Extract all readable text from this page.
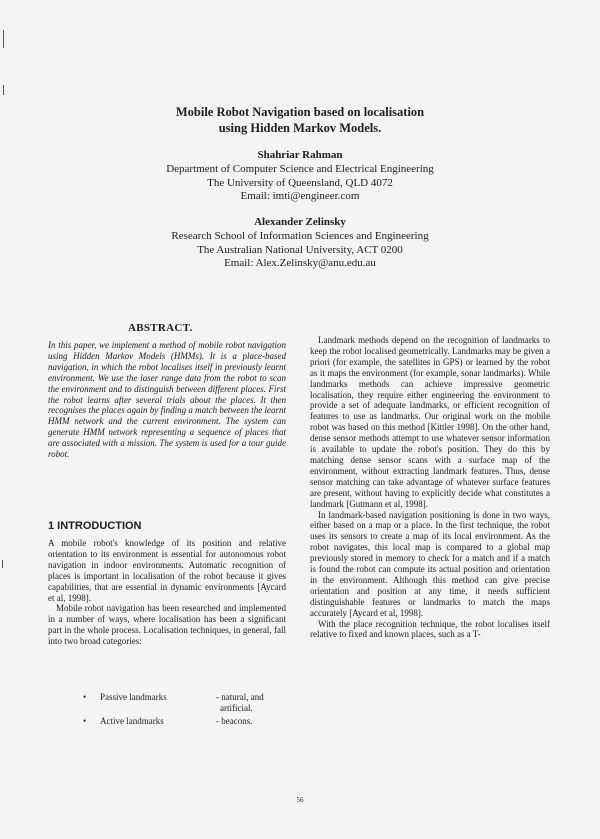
Mobile Robot Navigation based on localisation
using Hidden Markov Models.
Shahriar Rahman
Department of Computer Science and Electrical Engineering
The University of Queensland, QLD 4072
Email: imti@engineer.com
Alexander Zelinsky
Research School of Information Sciences and Engineering
The Australian National University, ACT 0200
Email: Alex.Zelinsky@anu.edu.au
ABSTRACT.
In this paper, we implement a method of mobile robot navigation using Hidden Markov Models (HMMs). It is a place-based navigation, in which the robot localises itself in previously learnt environment. We use the laser range data from the robot to scan the environment and to distinguish between different places. First the robot learns after several trials about the places. It then recognises the places again by finding a match between the learnt HMM network and the current environment. The system can generate HMM network representing a sequence of places that are associated with a mission. The system is used for a tour guide robot.
1 INTRODUCTION

A mobile robot's knowledge of its position and relative orientation to its environment is essential for autonomous robot navigation in indoor environments. Automatic recognition of places is important in localisation of the robot because it gives capabilities, that are essential in dynamic environments [Aycard et al, 1998].

Mobile robot navigation has been researched and implemented in a number of ways, where localisation has been a significant part in the whole process. Localisation techniques, in general, fall into two broad categories:

• Passive landmarks	- natural, and
artificial.
• Active landmarks	- beacons.

Landmark methods depend on the recognition of landmarks to keep the robot localised geometrically. Landmarks may be given a priori (for example, the satellites in GPS) or learned by the robot as it maps the environment (for example, sonar landmarks). While landmarks methods can achieve impressive geometric localisation, they require either engineering the environment to provide a set of adequate landmarks, or efficient recognition of features to use as landmarks. Our original work on the mobile robot was based on this method [Kittler 1998]. On the other hand, dense sensor methods attempt to use whatever sensor information is available to update the robot's position. They do this by matching dense sensor scans with a surface map of the environment, without extracting landmark features. Thus, dense sensor matching can take advantage of whatever surface features are present, without having to explicitly decide what constitutes a landmark [Gutmann et al, 1998].

In landmark-based navigation positioning is done in two ways, either based on a map or a place. In the first technique, the robot uses its sensors to create a map of its local environment. As the robot navigates, this local map is compared to a global map previously stored in memory to check for a match and if a match is found the robot can compute its actual position and orientation in the environment. Although this method can give precise orientation and position at any time, it needs sufficient distinguishable features or landmarks to match the maps accurately [Aycard et al, 1998].

With the place recognition technique, the robot localises itself relative to fixed and known places, such as a T-

56
